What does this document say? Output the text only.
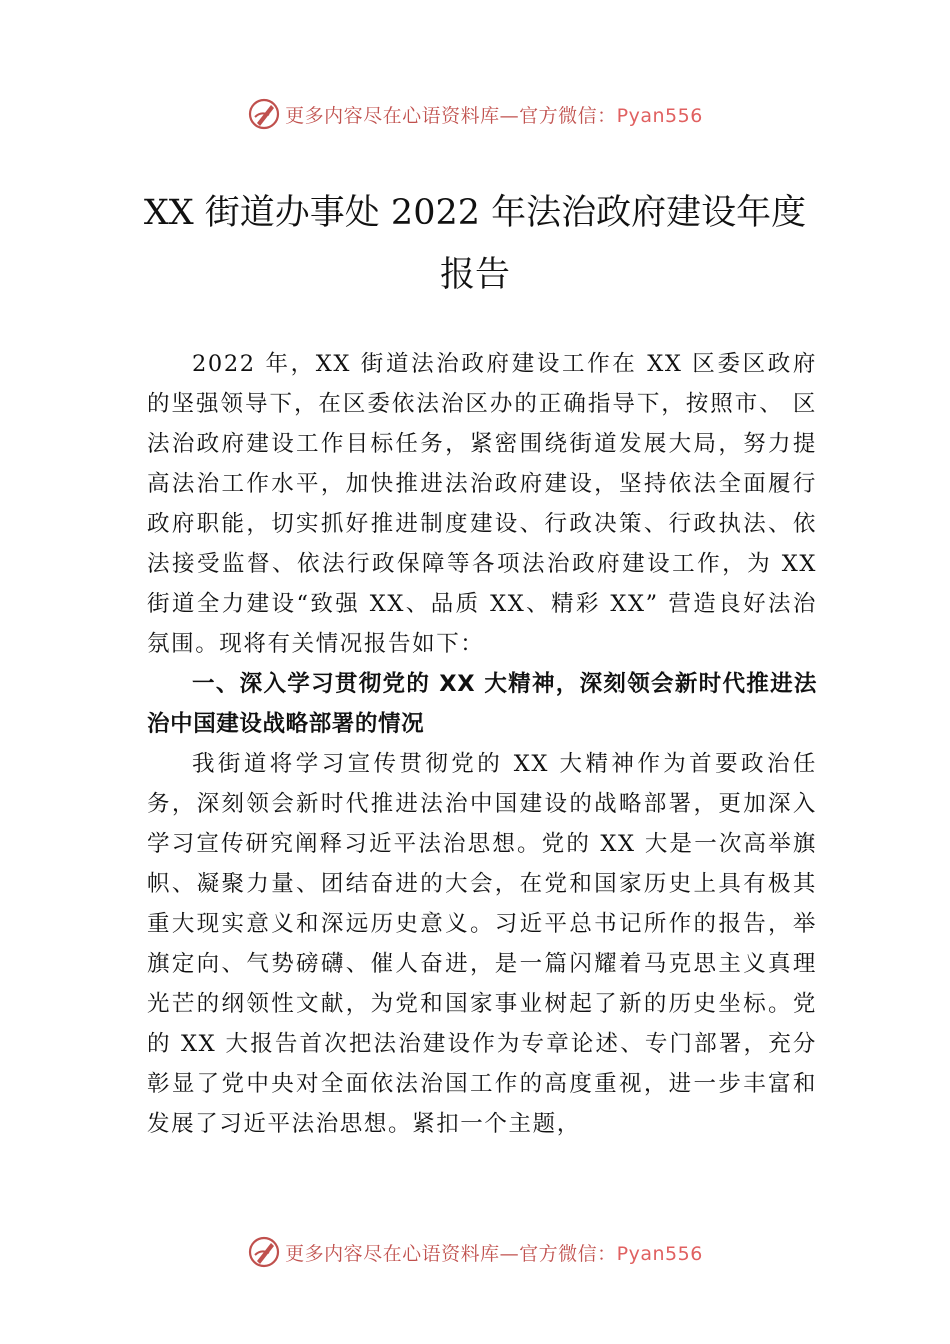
更多内容尽在心语资料库—官方微信：Pyan556
XX 街道办事处 2022 年法治政府建设年度
报告

2022 年，XX 街道法治政府建设工作在 XX 区委区政府的坚强领导下，在区委依法治区办的正确指导下，按照市、 区法治政府建设工作目标任务，紧密围绕街道发展大局，努力提高法治工作水平，加快推进法治政府建设，坚持依法全面履行政府职能，切实抓好推进制度建设、行政决策、行政执法、依法接受监督、依法行政保障等各项法治政府建设工作，为 XX 街道全力建设“致强 XX、品质 XX、精彩 XX” 营造良好法治氛围。现将有关情况报告如下：

一、深入学习贯彻党的 XX 大精神，深刻领会新时代推进法治中国建设战略部署的情况

我街道将学习宣传贯彻党的 XX 大精神作为首要政治任务，深刻领会新时代推进法治中国建设的战略部署，更加深入学习宣传研究阐释习近平法治思想。党的 XX 大是一次高举旗帜、凝聚力量、团结奋进的大会，在党和国家历史上具有极其重大现实意义和深远历史意义。习近平总书记所作的报告，举旗定向、气势磅礴、催人奋进，是一篇闪耀着马克思主义真理光芒的纲领性文献，为党和国家事业树起了新的历史坐标。党的 XX 大报告首次把法治建设作为专章论述、专门部署，充分彰显了党中央对全面依法治国工作的高度重视，进一步丰富和发展了习近平法治思想。紧扣一个主题，

更多内容尽在心语资料库—官方微信：Pyan556
